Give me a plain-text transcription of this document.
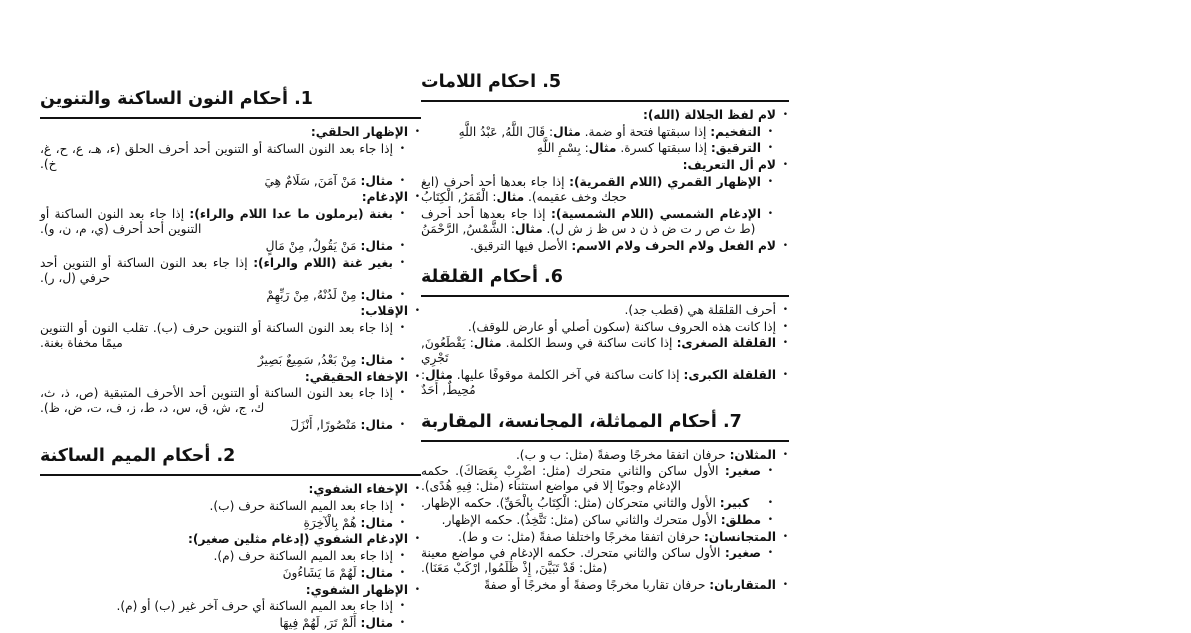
1. أحكام النون الساكنة والتنوين
• الإظهار الحلقي:
• إذا جاء بعد النون الساكنة أو التنوين أحد أحرف الحلق (ء، هـ، ع، ح، غ، خ).
• مثال: مَنْ آمَنَ, سَلَامٌ هِيَ
• الإدغام:
• بغنة (يرملون ما عدا اللام والراء): إذا جاء بعد النون الساكنة أو التنوين أحد أحرف (ي، م، ن، و).
• مثال: مَنْ يَقُولُ, مِنْ مَالٍ
• بغير غنة (اللام والراء): إذا جاء بعد النون الساكنة أو التنوين أحد حرفي (ل، ر).
• مثال: مِنْ لَدُنْهُ, مِنْ رَبِّهِمْ
• الإقلاب:
• إذا جاء بعد النون الساكنة أو التنوين حرف (ب). تقلب النون أو التنوين ميمًا مخفاة بغنة.
• مثال: مِنْ بَعْدُ, سَمِيعٌ بَصِيرٌ
• الإخفاء الحقيقي:
• إذا جاء بعد النون الساكنة أو التنوين أحد الأحرف المتبقية (ص، ذ، ث، ك، ج، ش، ق، س، د، ط، ز، ف، ت، ض، ظ).
• مثال: مَنْصُورًا, أَنْزَلَ
2. أحكام الميم الساكنة
• الإخفاء الشفوي:
• إذا جاء بعد الميم الساكنة حرف (ب).
• مثال: هُمْ بِالْآخِرَةِ
• الإدغام الشفوي (إدغام مثلين صغير):
• إذا جاء بعد الميم الساكنة حرف (م).
• مثال: لَهُمْ مَا يَشَاءُونَ
• الإظهار الشفوي:
• إذا جاء بعد الميم الساكنة أي حرف آخر غير (ب) أو (م).
• مثال: أَلَمْ تَرَ, لَهُمْ فِيهَا
5. احكام اللامات
• لام لفظ الجلالة (الله):
• التفخيم: إذا سبقتها فتحة أو ضمة. مثال: قَالَ اللَّهُ, عَبْدُ اللَّهِ
• الترقيق: إذا سبقتها كسرة. مثال: بِسْمِ اللَّهِ
• لام أل التعريف:
• الإظهار القمري (اللام القمرية): إذا جاء بعدها أحد أحرف (ابغ حجك وخف عقيمه). مثال: الْقَمَرُ, الْكِتَابُ
• الإدغام الشمسي (اللام الشمسية): إذا جاء بعدها أحد أحرف (ط ث ص ر ت ض ذ ن د س ظ ز ش ل). مثال: الشَّمْسُ, الرَّحْمَنُ
• لام الفعل ولام الحرف ولام الاسم: الأصل فيها الترقيق.
6. أحكام القلقلة
• أحرف القلقلة هي (قطب جد).
• إذا كانت هذه الحروف ساكنة (سكون أصلي أو عارض للوقف).
• القلقلة الصغرى: إذا كانت ساكنة في وسط الكلمة. مثال: يَقْطَعُونَ, تَجْرِي
• القلقلة الكبرى: إذا كانت ساكنة في آخر الكلمة موقوفًا عليها. مثال: مُحِيطٌ, أَحَدٌ
7. أحكام المماثلة، المجانسة، المقاربة
• المثلان: حرفان اتفقا مخرجًا وصفةً (مثل: ب و ب).
• صغير: الأول ساكن والثاني متحرك (مثل: اضْرِبْ بِعَصَاكَ). حكمه الإدغام وجوبًا إلا في مواضع استثناء (مثل: فِيهِ هُدًى).
• كبير: الأول والثاني متحركان (مثل: الْكِتَابُ بِالْحَقِّ). حكمه الإظهار.
• مطلق: الأول متحرك والثاني ساكن (مثل: تَتَّخِذُ). حكمه الإظهار.
• المتجانسان: حرفان اتفقا مخرجًا واختلفا صفةً (مثل: ت و ط).
• صغير: الأول ساكن والثاني متحرك. حكمه الإدغام في مواضع معينة (مثل: قَدْ تَبَيَّنَ, إِذْ ظَلَمُوا, ارْكَبْ مَعَنَا).
• المتقاربان: حرفان تقاربا مخرجًا وصفةً أو مخرجًا أو صفةً
